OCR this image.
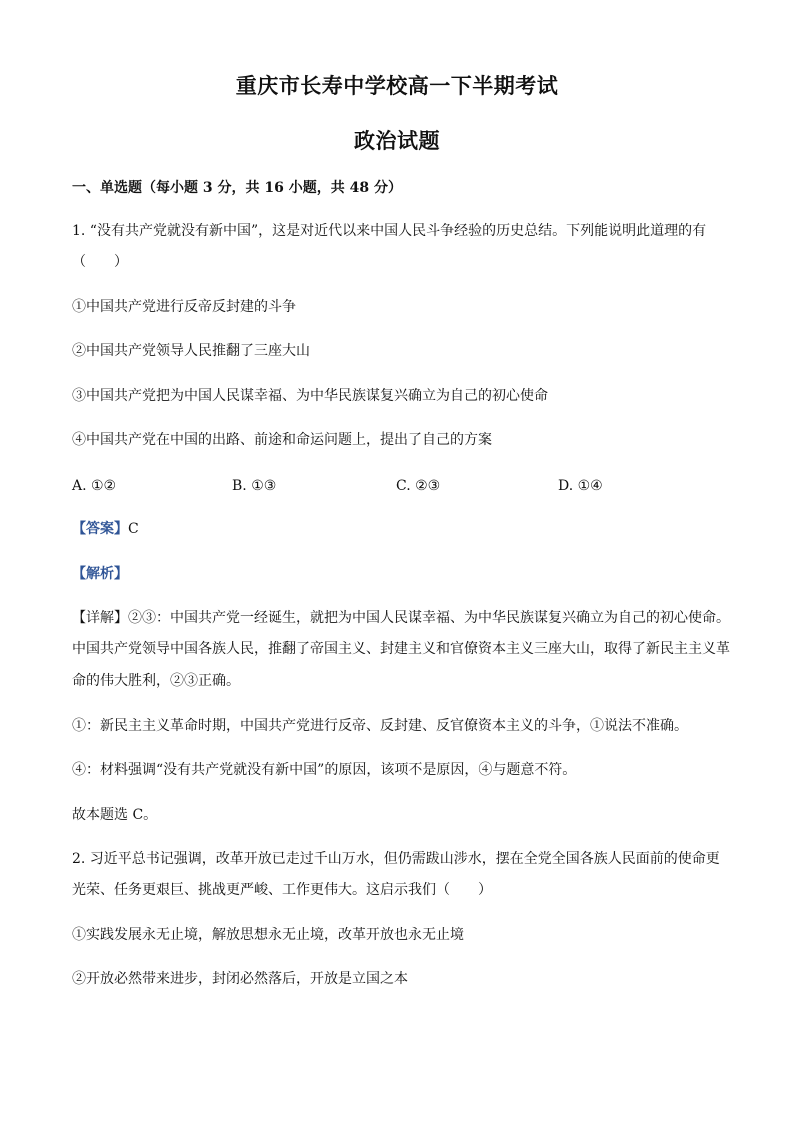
重庆市长寿中学校高一下半期考试
政治试题
一、单选题（每小题 3 分，共 16 小题，共 48 分）
1. “没有共产党就没有新中国”，这是对近代以来中国人民斗争经验的历史总结。下列能说明此道理的有
（　　）
①中国共产党进行反帝反封建的斗争
②中国共产党领导人民推翻了三座大山
③中国共产党把为中国人民谋幸福、为中华民族谋复兴确立为自己的初心使命
④中国共产党在中国的出路、前途和命运问题上，提出了自己的方案
A. ①②	B. ①③	C. ②③	D. ①④
【答案】C
【解析】
【详解】②③：中国共产党一经诞生，就把为中国人民谋幸福、为中华民族谋复兴确立为自己的初心使命。
中国共产党领导中国各族人民，推翻了帝国主义、封建主义和官僚资本主义三座大山，取得了新民主主义革
命的伟大胜利，②③正确。
①：新民主主义革命时期，中国共产党进行反帝、反封建、反官僚资本主义的斗争，①说法不准确。
④：材料强调“没有共产党就没有新中国”的原因，该项不是原因，④与题意不符。
故本题选 C。
2. 习近平总书记强调，改革开放已走过千山万水，但仍需跋山涉水，摆在全党全国各族人民面前的使命更
光荣、任务更艰巨、挑战更严峻、工作更伟大。这启示我们（　　）
①实践发展永无止境，解放思想永无止境，改革开放也永无止境
②开放必然带来进步，封闭必然落后，开放是立国之本
